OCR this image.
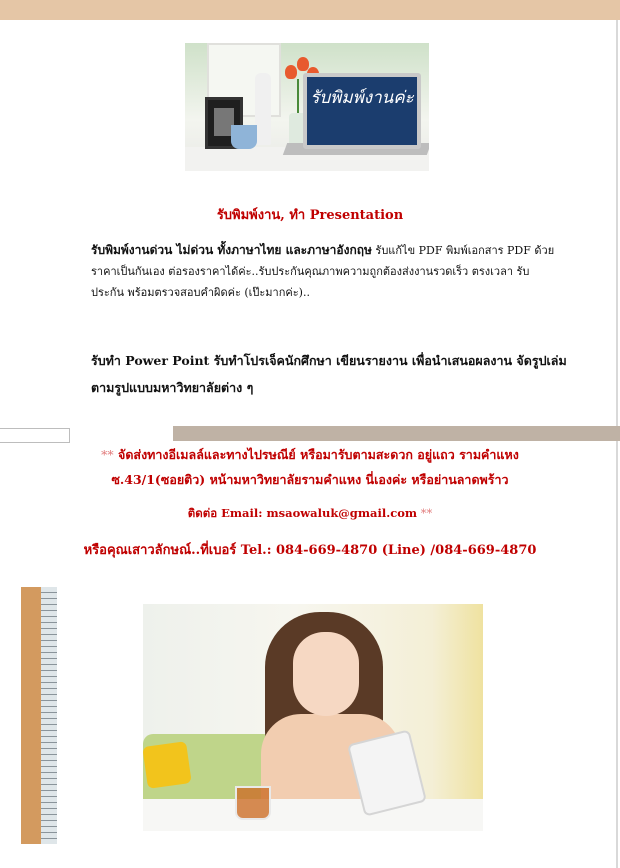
รับพิมพ์งานค่ะ
รับพิมพ์งาน, ทำ Presentation
รับพิมพ์งานด่วน ไม่ด่วน ทั้งภาษาไทย และภาษาอังกฤษ รับแก้ไข PDF พิมพ์เอกสาร PDF ด้วยราคาเป็นกันเอง ต่อรองราคาได้ค่ะ..รับประกันคุณภาพความถูกต้องส่งงานรวดเร็ว ตรงเวลา รับประกัน พร้อมตรวจสอบคำผิดค่ะ (เป๊ะมากค่ะ)..
รับทำ Power Point รับทำโปรเจ็คนักศึกษา เขียนรายงาน เพื่อนำเสนอผลงาน จัดรูปเล่ม ตามรูปแบบมหาวิทยาลัยต่าง ๆ
** จัดส่งทางอีเมลล์และทางไปรษณีย์ หรือมารับตามสะดวก อยู่แถว รามคำแหง
ซ.43/1(ซอยติว) หน้ามหาวิทยาลัยรามคำแหง นี่เองค่ะ หรือย่านลาดพร้าว
ติดต่อ Email: msaowaluk@gmail.com **
หรือคุณเสาวลักษณ์..ที่เบอร์ Tel.: 084-669-4870 (Line) /084-669-4870
